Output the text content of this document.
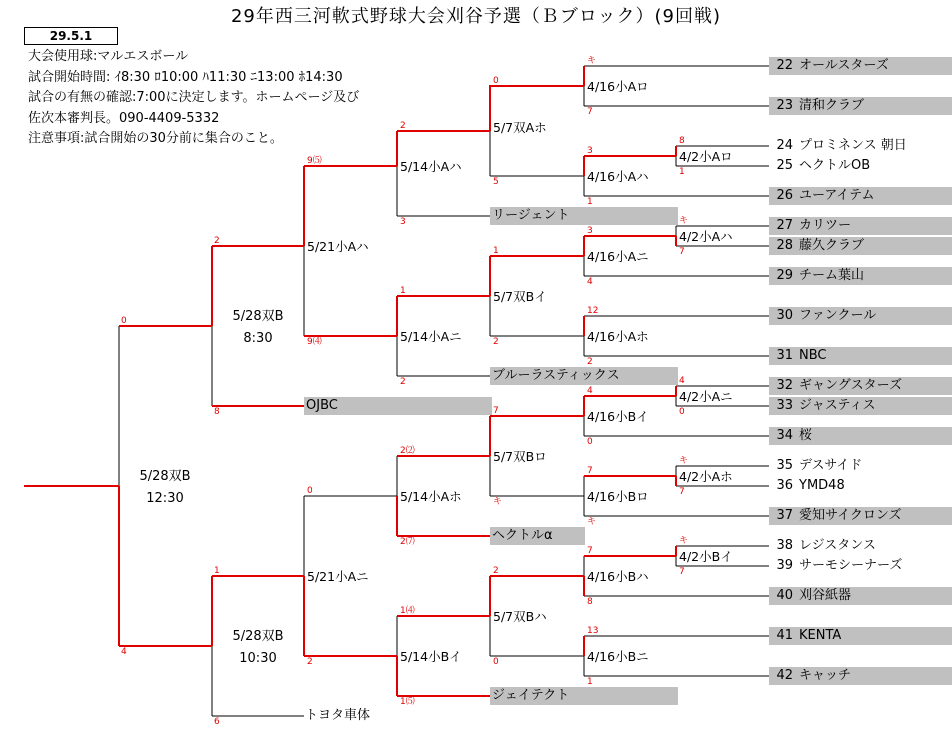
29年西三河軟式野球大会刈谷予選（Ｂブロック）(9回戦)
29.5.1
大会使用球:マルエスボール
試合開始時間: ｲ8:30 ﾛ10:00 ﾊ11:30 ﾆ13:00 ﾎ14:30
試合の有無の確認:7:00に決定します。ホームページ及び
佐次本審判長。090-4409-5332
注意事項:試合開始の30分前に集合のこと。
リージェント
ブルーラスティックス
OJBC
ヘクトルα
ジェイテクト
トヨタ車体
22 オールスターズ
23 清和クラブ
24 プロミネンス 朝日
25 ヘクトルOB
26 ユーアイテム
27 カリツー
28 藤久クラブ
29 チーム葉山
30 ファンクール
31 NBC
32 ギャングスターズ
33 ジャスティス
34 桜
35 デスサイド
36 YMD48
37 愛知サイクロンズ
38 レジスタンス
39 サーモシーナーズ
40 刈谷紙器
41 KENTA
42 キャッチ
4/2小Aロ
4/2小Aハ
4/2小Aニ
4/2小Aホ
4/2小Bイ
4/16小Aロ
4/16小Aハ
4/16小Aニ
4/16小Aホ
4/16小Bイ
4/16小Bロ
4/16小Bハ
4/16小Bニ
5/7双Aホ
5/7双Bイ
5/7双Bロ
5/7双Bハ
5/14小Aハ
5/14小Aニ
5/14小Aホ
5/14小Bイ
5/21小Aハ
5/21小Aニ
5/28双B
8:30
5/28双B
10:30
5/28双B
12:30
8
1
キ
7
4
0
キ
7
キ
7
キ
7
3
1
3
4
12
2
4
0
7
キ
7
8
13
1
0
5
1
2
7
キ
2
0
2
3
1
2
2⑵
2⑺
1⑷
1⑸
9⑸
9⑷
0
2
2
8
1
6
0
4
